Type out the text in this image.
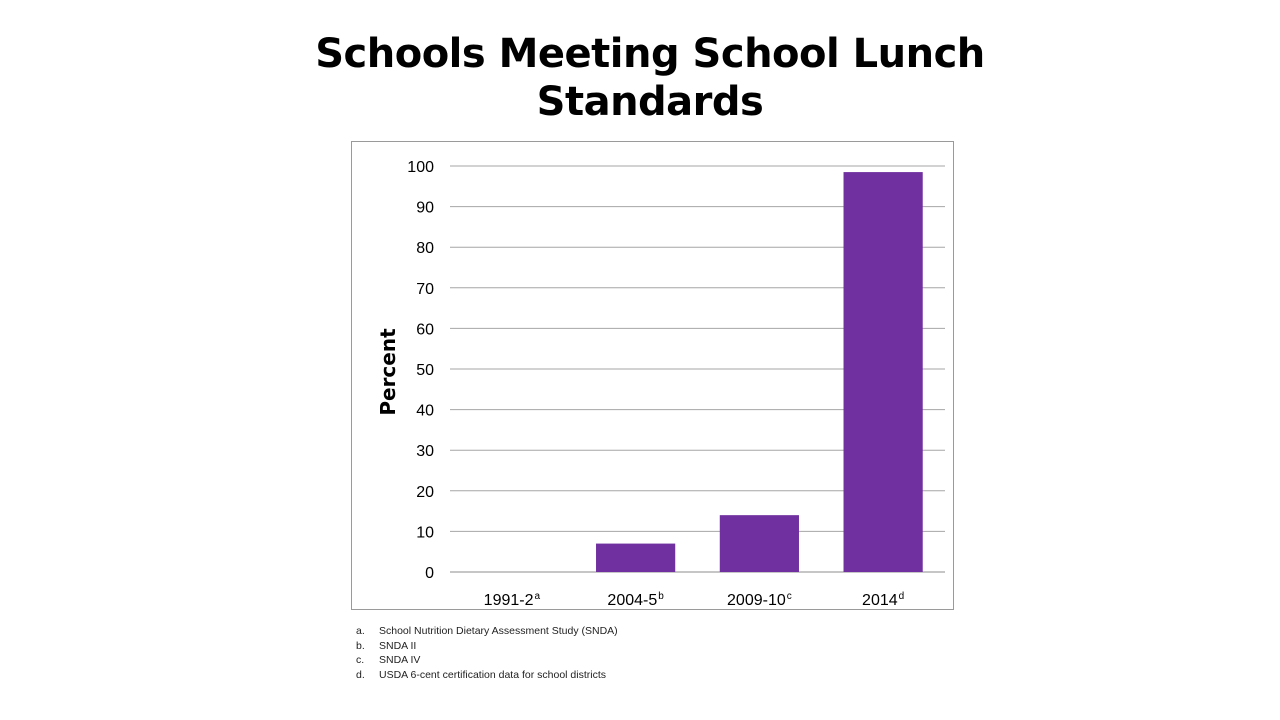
Schools Meeting School Lunch Standards
0
10
20
30
40
50
60
70
80
90
100
Percent
1991-2$^a$	2004-5$^b$	2009-10$^c$	2014$^d$
a.	School Nutrition Dietary Assessment Study (SNDA)
b.	SNDA II
c.	SNDA IV
d.	USDA 6-cent certification data for school districts
